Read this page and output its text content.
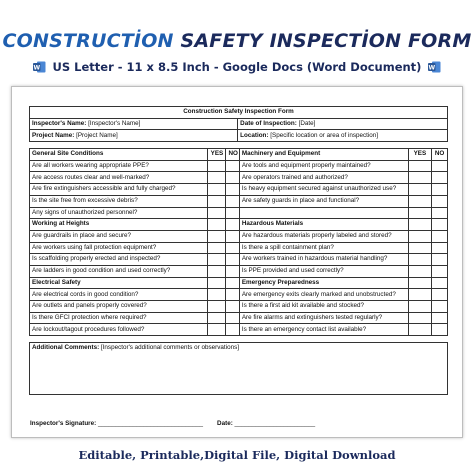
CONSTRUCTİON SAFETY INSPECTİON FORM
W US Letter - 11 x 8.5 Inch - Google Docs (Word Document) W
Construction Safety Inspection Form	
Inspector's Name: [Inspector's Name]	Date of Inspection: [Date]
Project Name: [Project Name]	Location: [Specific location or area of inspection]
General Site Conditions	YES	NO	Machinery and Equipment	YES	NO
Are all workers wearing appropriate PPE?			Are tools and equipment properly maintained?		
Are access routes clear and well-marked?			Are operators trained and authorized?		
Are fire extinguishers accessible and fully charged?			Is heavy equipment secured against unauthorized use?		
Is the site free from excessive debris?			Are safety guards in place and functional?		
Any signs of unauthorized personnel?					
Working at Heights			Hazardous Materials		
Are guardrails in place and secure?			Are hazardous materials properly labeled and stored?		
Are workers using fall protection equipment?			Is there a spill containment plan?		
Is scaffolding properly erected and inspected?			Are workers trained in hazardous material handling?		
Are ladders in good condition and used correctly?			Is PPE provided and used correctly?		
Electrical Safety			Emergency Preparedness		
Are electrical cords in good condition?			Are emergency exits clearly marked and unobstructed?		
Are outlets and panels properly covered?			Is there a first aid kit available and stocked?		
Is there GFCI protection where required?			Are fire alarms and extinguishers tested regularly?		
Are lockout/tagout procedures followed?			Is there an emergency contact list available?		
Additional Comments: [Inspector's additional comments or observations]
Inspector's Signature: ______________________________ Date: _______________________
Editable, Printable,Digital File, Digital Download
